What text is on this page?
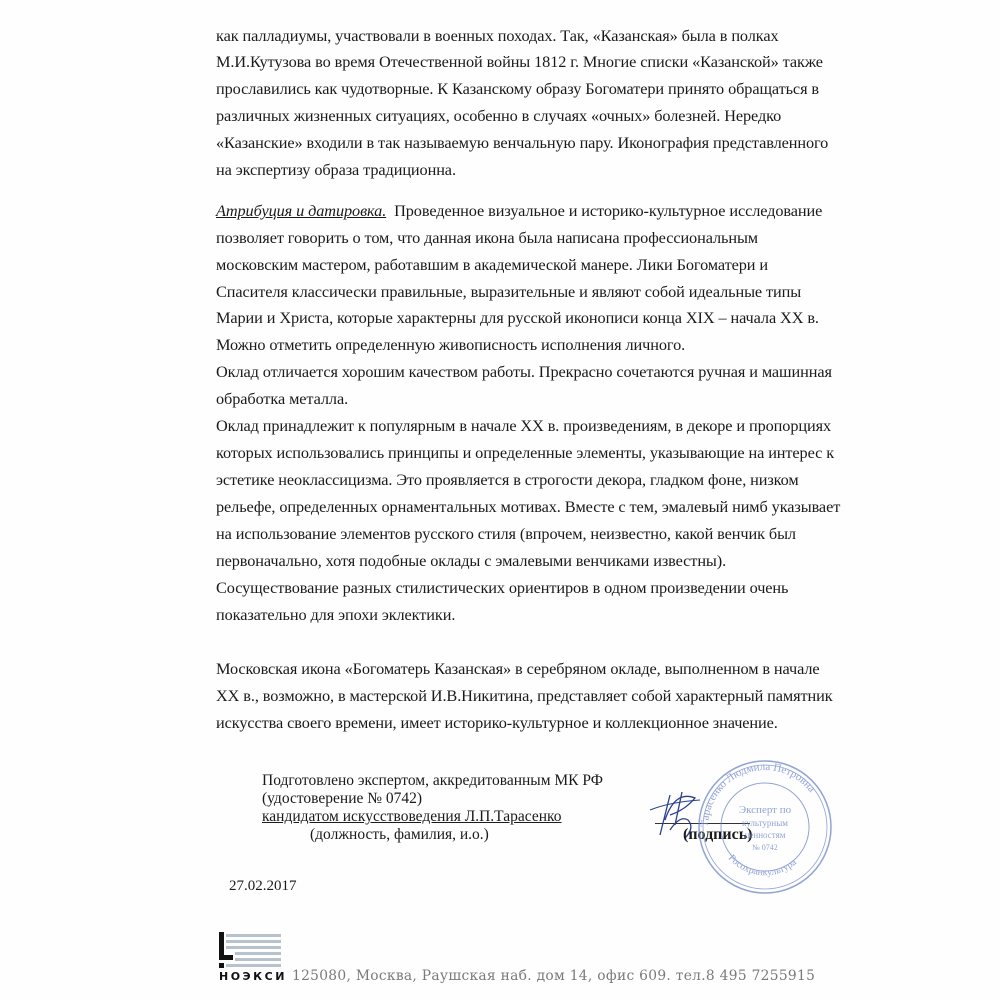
как палладиумы, участвовали в военных походах. Так, «Казанская» была в полках
М.И.Кутузова во время Отечественной войны 1812 г. Многие списки «Казанской» также
прославились как чудотворные. К Казанскому образу Богоматери принято обращаться в
различных жизненных ситуациях, особенно в случаях «очных» болезней. Нередко
«Казанские» входили в так называемую венчальную пару. Иконография представленного
на экспертизу образа традиционна.
Атрибуция и датировка.  Проведенное визуальное и историко-культурное исследование
позволяет говорить о том, что данная икона была написана профессиональным
московским мастером, работавшим в академической манере. Лики Богоматери и
Спасителя классически правильные, выразительные и являют собой идеальные типы
Марии и Христа, которые характерны для русской иконописи конца XIX – начала XX в.
Можно отметить определенную живописность исполнения личного.
Оклад отличается хорошим качеством работы. Прекрасно сочетаются ручная и машинная
обработка металла.
Оклад принадлежит к популярным в начале XX в. произведениям, в декоре и пропорциях
которых использовались принципы и определенные элементы, указывающие на интерес к
эстетике неоклассицизма. Это проявляется в строгости декора, гладком фоне, низком
рельефе, определенных орнаментальных мотивах. Вместе с тем, эмалевый нимб указывает
на использование элементов русского стиля (впрочем, неизвестно, какой венчик был
первоначально, хотя подобные оклады с эмалевыми венчиками известны).
Сосуществование разных стилистических ориентиров в одном произведении очень
показательно для эпохи эклектики.
Московская икона «Богоматерь Казанская» в серебряном окладе, выполненном в начале
XX в., возможно, в мастерской И.В.Никитина, представляет собой характерный памятник
искусства своего времени, имеет историко-культурное и коллекционное значение.
Подготовлено экспертом, аккредитованным МК РФ
(удостоверение № 0742)
кандидатом искусствоведения Л.П.Тарасенко
(должность, фамилия, и.о.)	(подпись)
Тарасенко Людмила Петровна
Росохранкультура
Эксперт по
культурным
ценностям
№ 0742
27.02.2017
НОЭКСИ 125080, Москва, Раушская наб. дом 14, офис 609. тел.8 495 7255915
